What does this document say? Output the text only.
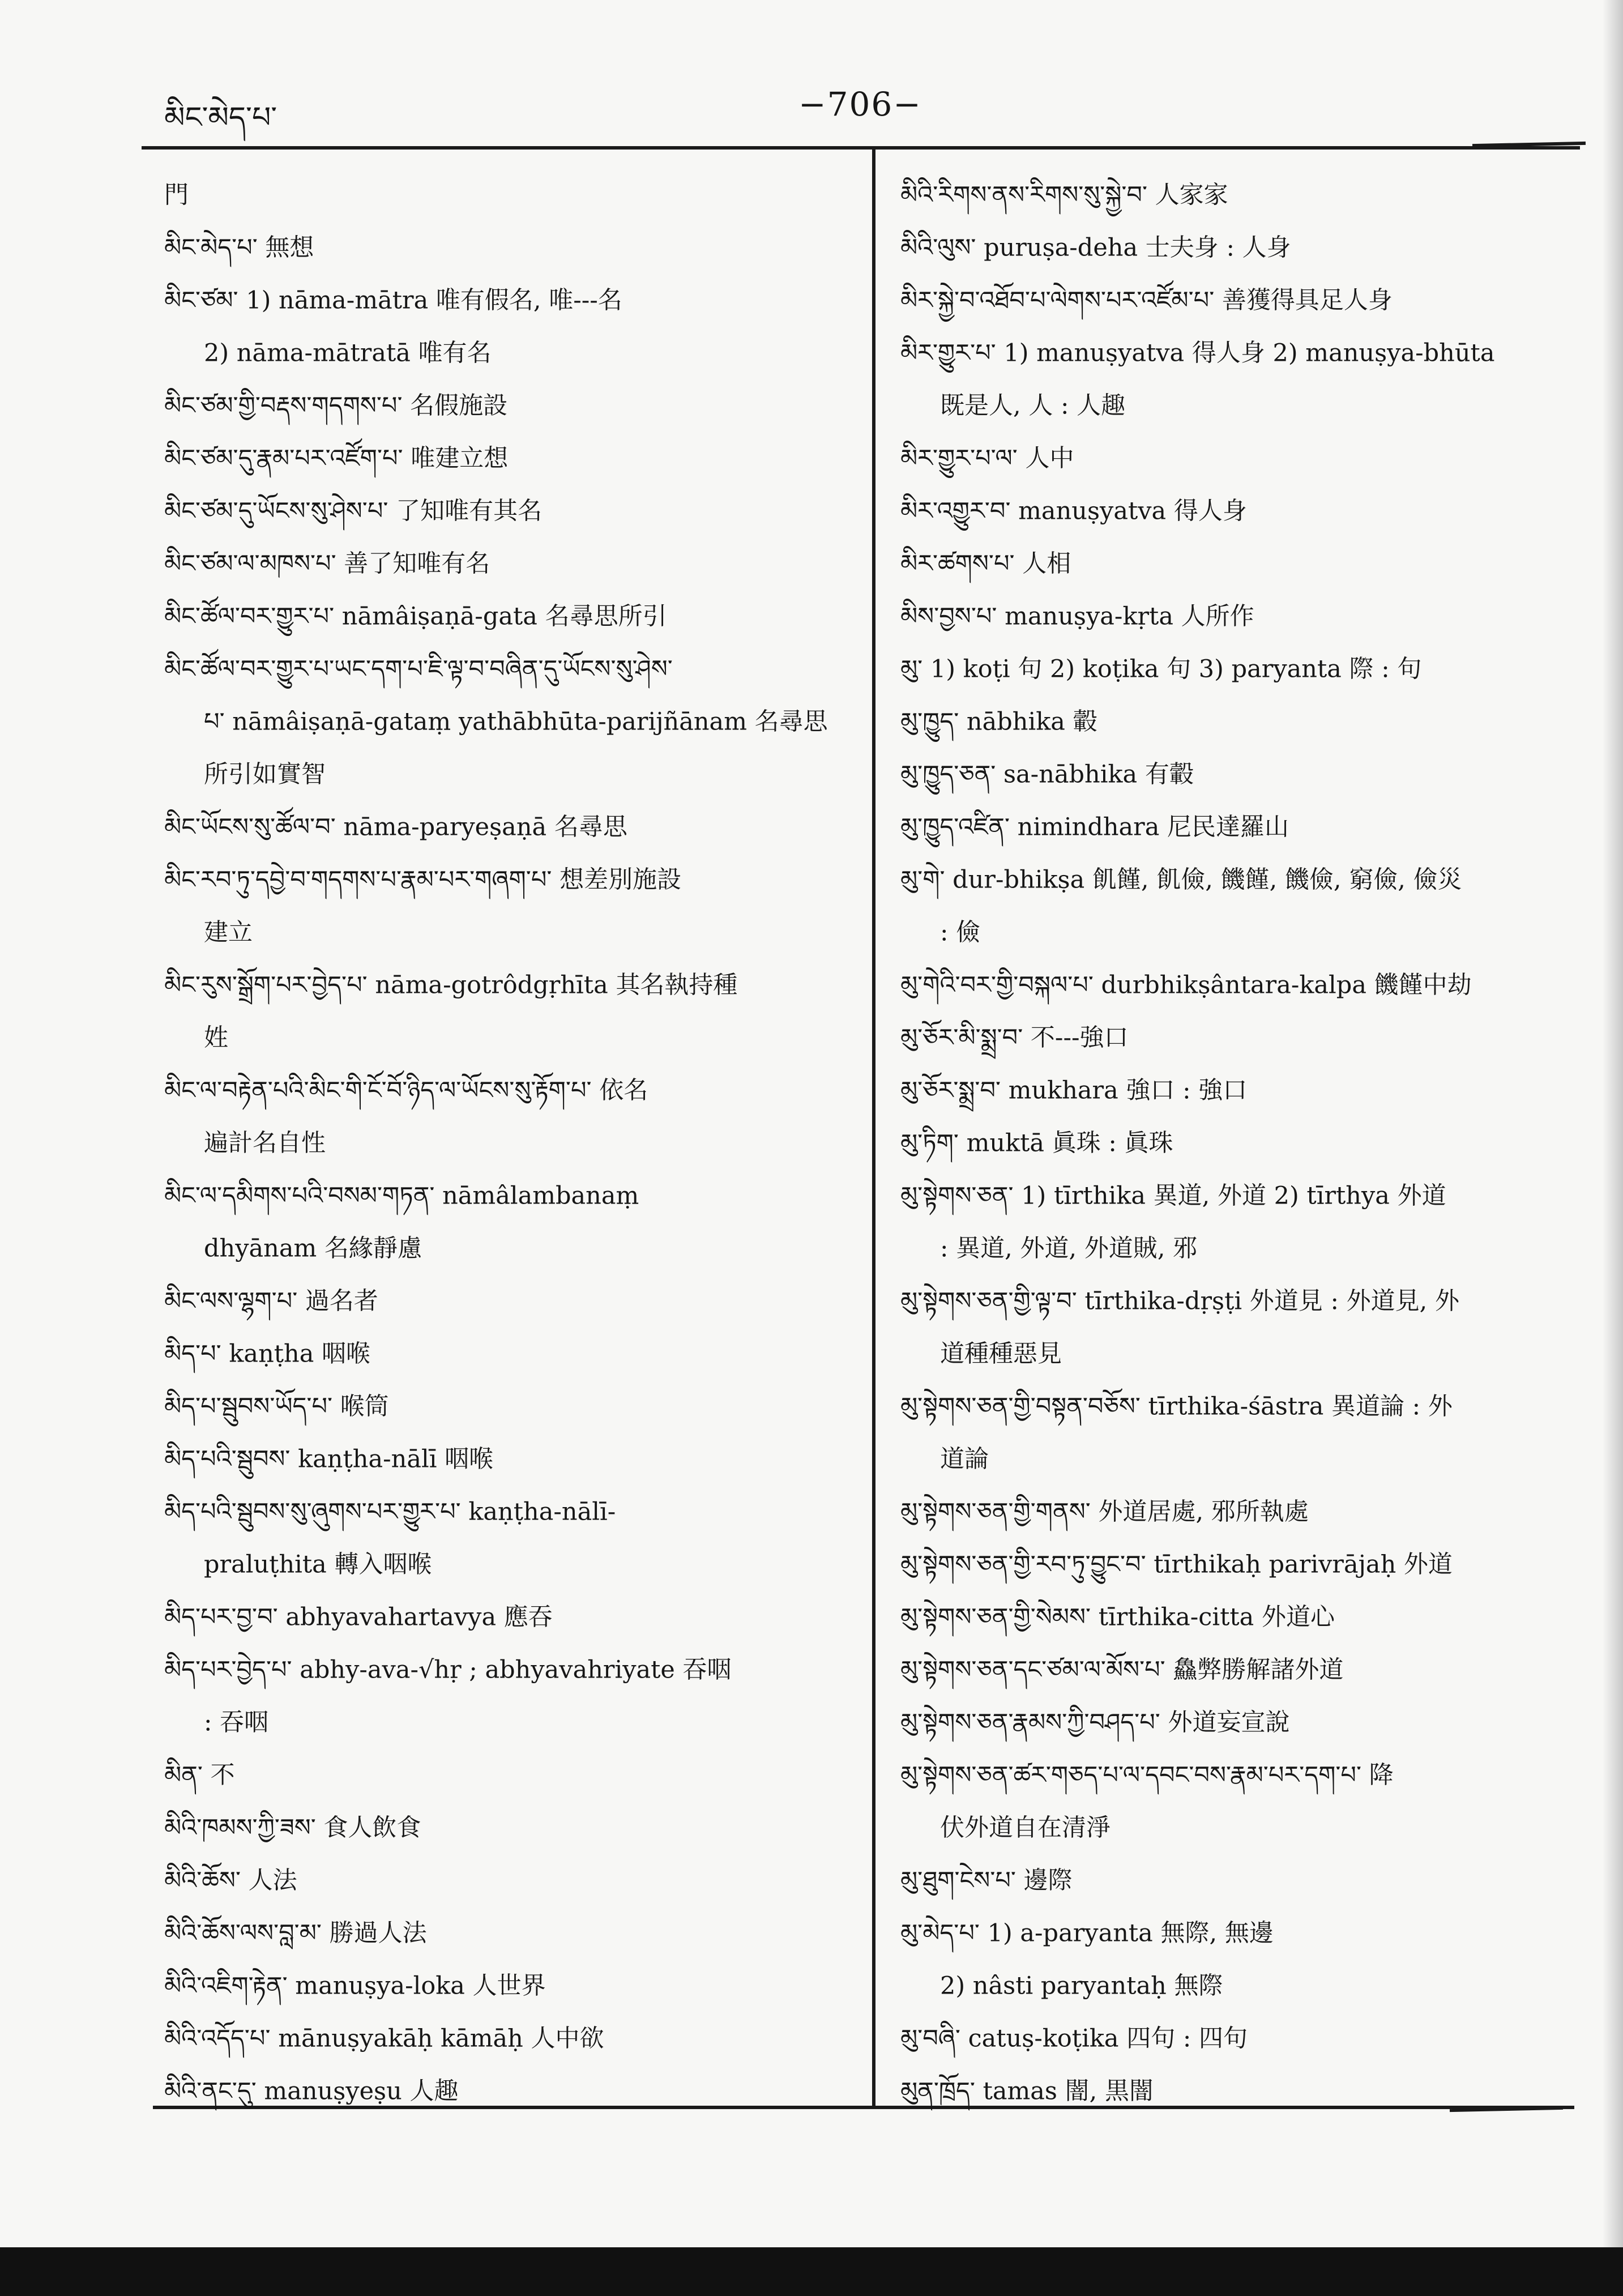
མིང་མེད་པ་	−706−
門
མིང་མེད་པ་ 無想
མིང་ཙམ་ 1) nāma-mātra 唯有假名, 唯---名
2) nāma-mātratā 唯有名
མིང་ཙམ་གྱི་བརྡས་གདགས་པ་ 名假施設
མིང་ཙམ་དུ་རྣམ་པར་འཛོག་པ་ 唯建立想
མིང་ཙམ་དུ་ཡོངས་སུ་ཤེས་པ་ 了知唯有其名
མིང་ཙམ་ལ་མཁས་པ་ 善了知唯有名
མིང་ཚོལ་བར་གྱུར་པ་ nāmâiṣaṇā-gata 名尋思所引
མིང་ཚོལ་བར་གྱུར་པ་ཡང་དག་པ་ཇི་ལྟ་བ་བཞིན་དུ་ཡོངས་སུ་ཤེས་
པ་ nāmâiṣaṇā-gataṃ yathābhūta-parijñānam 名尋思
所引如實智
མིང་ཡོངས་སུ་ཚོལ་བ་ nāma-paryeṣaṇā 名尋思
མིང་རབ་ཏུ་དབྱེ་བ་གདགས་པ་རྣམ་པར་གཞག་པ་ 想差別施設
建立
མིང་རུས་སྒྲོག་པར་བྱེད་པ་ nāma-gotrôdgṛhīta 其名執持種
姓
མིང་ལ་བརྟེན་པའི་མིང་གི་ངོ་བོ་ཉིད་ལ་ཡོངས་སུ་རྟོག་པ་ 依名
遍計名自性
མིང་ལ་དམིགས་པའི་བསམ་གཏན་ nāmâlambanaṃ
dhyānam 名緣靜慮
མིང་ལས་ལྷག་པ་ 過名者
མིད་པ་ kaṇṭha 咽喉
མིད་པ་སྦུབས་ཡོད་པ་ 喉筒
མིད་པའི་སྦུབས་ kaṇṭha-nālī 咽喉
མིད་པའི་སྦུབས་སུ་ཞུགས་པར་གྱུར་པ་ kaṇṭha-nālī-
praluṭhita 轉入咽喉
མིད་པར་བྱ་བ་ abhyavahartavya 應吞
མིད་པར་བྱེད་པ་ abhy-ava-√hṛ ; abhyavahriyate 吞咽
: 吞咽
མིན་ 不
མིའི་ཁམས་ཀྱི་ཟས་ 食人飲食
མིའི་ཆོས་ 人法
མིའི་ཆོས་ལས་བླ་མ་ 勝過人法
མིའི་འཇིག་རྟེན་ manuṣya-loka 人世界
མིའི་འདོད་པ་ mānuṣyakāḥ kāmāḥ 人中欲
མིའི་ནང་དུ་ manuṣyeṣu 人趣
མིའི་རིགས་ནས་རིགས་སུ་སྐྱེ་བ་ 人家家
མིའི་ལུས་ puruṣa-deha 士夫身 : 人身
མིར་སྐྱེ་བ་འཐོབ་པ་ལེགས་པར་འཛོམ་པ་ 善獲得具足人身
མིར་གྱུར་པ་ 1) manuṣyatva 得人身 2) manuṣya-bhūta
既是人, 人 : 人趣
མིར་གྱུར་པ་ལ་ 人中
མིར་འགྱུར་བ་ manuṣyatva 得人身
མིར་ཚགས་པ་ 人相
མིས་བྱས་པ་ manuṣya-kṛta 人所作
མུ་ 1) koṭi 句 2) koṭika 句 3) paryanta 際 : 句
མུ་ཁྱུད་ nābhika 轂
མུ་ཁྱུད་ཅན་ sa-nābhika 有轂
མུ་ཁྱུད་འཛིན་ nimindhara 尼民達羅山
མུ་གེ་ dur-bhikṣa 飢饉, 飢儉, 饑饉, 饑儉, 窮儉, 儉災
: 儉
མུ་གེའི་བར་གྱི་བསྐལ་པ་ durbhikṣântara-kalpa 饑饉中劫
མུ་ཅོར་མི་སྨྲ་བ་ 不---強口
མུ་ཅོར་སྨྲ་བ་ mukhara 強口 : 強口
མུ་ཏིག་ muktā 眞珠 : 眞珠
མུ་སྟེགས་ཅན་ 1) tīrthika 異道, 外道 2) tīrthya 外道
: 異道, 外道, 外道賊, 邪
མུ་སྟེགས་ཅན་གྱི་ལྟ་བ་ tīrthika-dṛṣṭi 外道見 : 外道見, 外
道種種惡見
མུ་སྟེགས་ཅན་གྱི་བསྟན་བཅོས་ tīrthika-śāstra 異道論 : 外
道論
མུ་སྟེགས་ཅན་གྱི་གནས་ 外道居處, 邪所執處
མུ་སྟེགས་ཅན་གྱི་རབ་ཏུ་བྱུང་བ་ tīrthikaḥ parivrājaḥ 外道
མུ་སྟེགས་ཅན་གྱི་སེམས་ tīrthika-citta 外道心
མུ་སྟེགས་ཅན་དང་ཙམ་ལ་མོས་པ་ 鱻弊勝解諸外道
མུ་སྟེགས་ཅན་རྣམས་ཀྱི་བཤད་པ་ 外道妄宣說
མུ་སྟེགས་ཅན་ཚར་གཅད་པ་ལ་དབང་བས་རྣམ་པར་དག་པ་ 降
伏外道自在清淨
མུ་ཐུག་ངེས་པ་ 邊際
མུ་མེད་པ་ 1) a-paryanta 無際, 無邊
2) nâsti paryantaḥ 無際
མུ་བཞི་ catuṣ-koṭika 四句 : 四句
མུན་ཁྲོད་ tamas 闇, 黒闇
